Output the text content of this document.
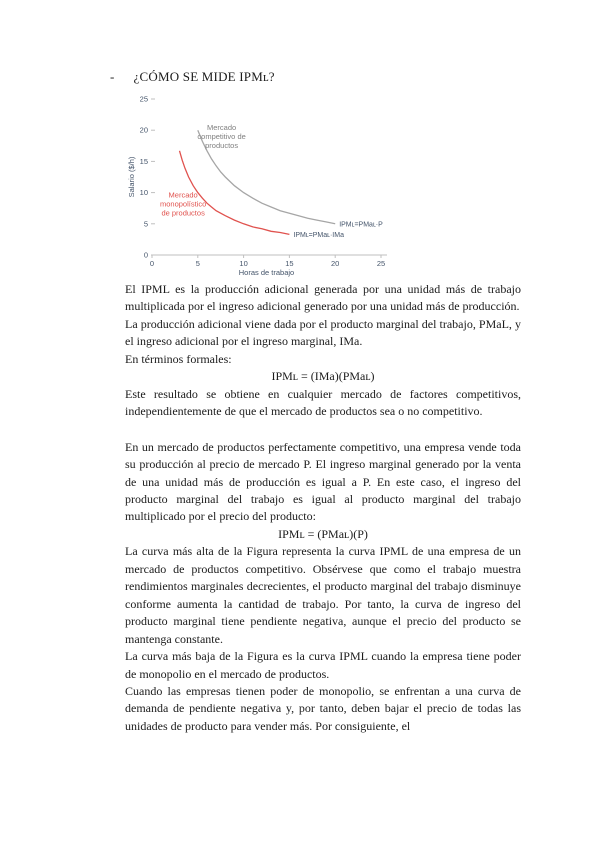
- ¿CÓMO SE MIDE IPMʟ?
0	5	10	15	20	25
0
5
10
15
20
25
Horas de trabajo
Salario ($/h)
IPMʟ=PMaʟ·P
IPMʟ=PMaʟ·IMa
Mercado competitivo de productos
Mercado monopolístico de productos
El IPML es la producción adicional generada por una unidad más de trabajo multiplicada por el ingreso adicional generado por una unidad más de producción.
La producción adicional viene dada por el producto marginal del trabajo, PMaL, y el ingreso adicional por el ingreso marginal, IMa.
En términos formales:
IPMʟ = (IMa)(PMaʟ)
Este resultado se obtiene en cualquier mercado de factores competitivos, independientemente de que el mercado de productos sea o no competitivo.
En un mercado de productos perfectamente competitivo, una empresa vende toda su producción al precio de mercado P. El ingreso marginal generado por la venta de una unidad más de producción es igual a P. En este caso, el ingreso del producto marginal del trabajo es igual al producto marginal del trabajo multiplicado por el precio del producto:
IPMʟ = (PMaʟ)(P)
La curva más alta de la Figura representa la curva IPML de una empresa de un mercado de productos competitivo. Obsérvese que como el trabajo muestra rendimientos marginales decrecientes, el producto marginal del trabajo disminuye conforme aumenta la cantidad de trabajo. Por tanto, la curva de ingreso del producto marginal tiene pendiente negativa, aunque el precio del producto se mantenga constante.
La curva más baja de la Figura es la curva IPML cuando la empresa tiene poder de monopolio en el mercado de productos.
Cuando las empresas tienen poder de monopolio, se enfrentan a una curva de demanda de pendiente negativa y, por tanto, deben bajar el precio de todas las unidades de producto para vender más. Por consiguiente, el
